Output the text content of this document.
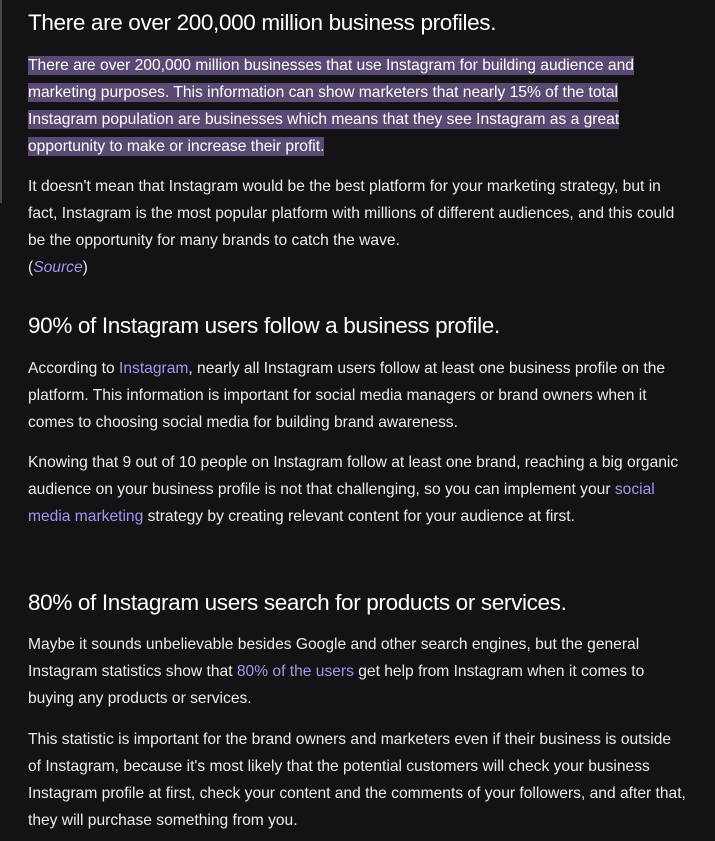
There are over 200,000 million business profiles.

There are over 200,000 million businesses that use Instagram for building audience and marketing purposes. This information can show marketers that nearly 15% of the total Instagram population are businesses which means that they see Instagram as a great opportunity to make or increase their profit.

It doesn't mean that Instagram would be the best platform for your marketing strategy, but in fact, Instagram is the most popular platform with millions of different audiences, and this could be the opportunity for many brands to catch the wave.
(Source)

90% of Instagram users follow a business profile.

According to Instagram, nearly all Instagram users follow at least one business profile on the platform. This information is important for social media managers or brand owners when it comes to choosing social media for building brand awareness.

Knowing that 9 out of 10 people on Instagram follow at least one brand, reaching a big organic audience on your business profile is not that challenging, so you can implement your social media marketing strategy by creating relevant content for your audience at first.

80% of Instagram users search for products or services.

Maybe it sounds unbelievable besides Google and other search engines, but the general Instagram statistics show that 80% of the users get help from Instagram when it comes to buying any products or services.

This statistic is important for the brand owners and marketers even if their business is outside of Instagram, because it's most likely that the potential customers will check your business Instagram profile at first, check your content and the comments of your followers, and after that, they will purchase something from you.
